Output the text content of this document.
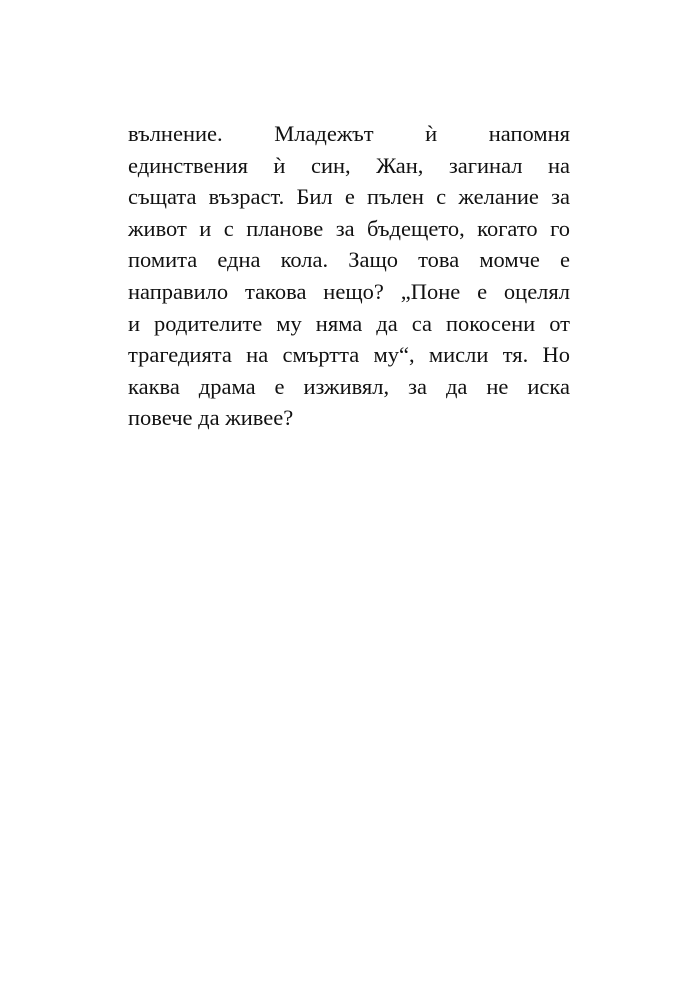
вълнение. Младежът ѝ напомня
единствения ѝ син, Жан, загинал на
същата възраст. Бил е пълен с желание за
живот и с планове за бъдещето, когато го
помита една кола. Защо това момче е
направило такова нещо? „Поне е оцелял
и родителите му няма да са покосени от
трагедията на смъртта му“, мисли тя. Но
каква драма е изживял, за да не иска
повече да живее?
